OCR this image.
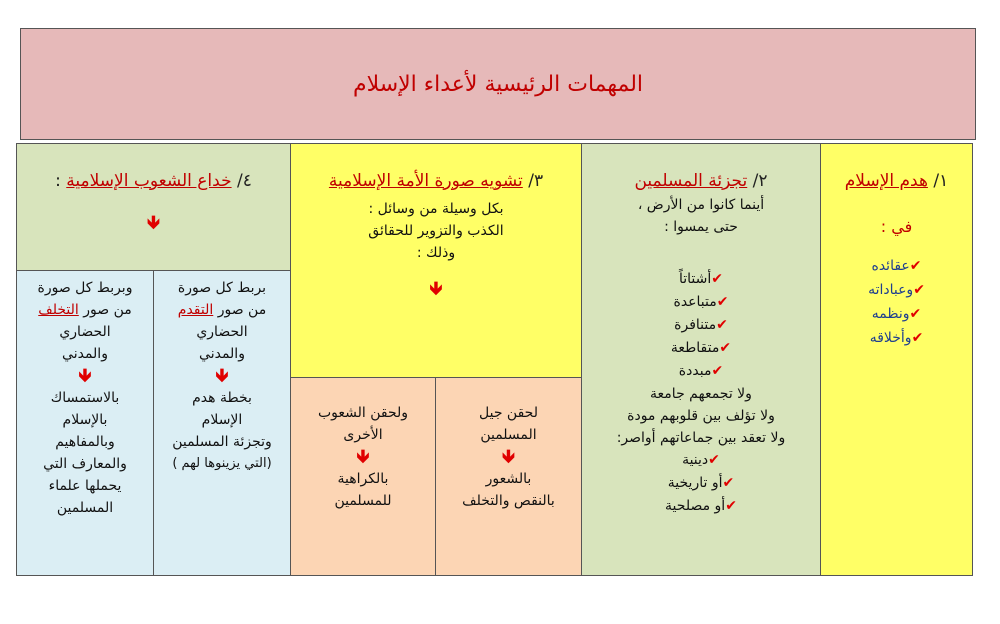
المهمات الرئيسية لأعداء الإسلام
١/ هدم الإسلام
في :
✔عقائده
✔وعباداته
✔ونظمه
✔وأخلاقه
٢/ تجزئة المسلمين
أينما كانوا من الأرض ،
حتى يمسوا :
✔أشتاتاً
✔متباعدة
✔متنافرة
✔متقاطعة
✔مبددة
ولا تجمعهم جامعة
ولا تؤلف بين قلوبهم مودة
ولا تعقد بين جماعاتهم أواصر:
✔دينية
✔أو تاريخية
✔أو مصلحية
٣/ تشويه صورة الأمة الإسلامية
بكل وسيلة من وسائل :
الكذب والتزوير للحقائق
وذلك :
🡻
لحقن جيل
المسلمين
🡻
بالشعور
بالنقص والتخلف
ولحقن الشعوب
الأخرى
🡻
بالكراهية
للمسلمين
٤/ خداع الشعوب الإسلامية :
🡻
بربط كل صورة
من صور التقدم
الحضاري
والمدني
🡻
بخطة هدم
الإسلام
وتجزئة المسلمين
(التي يزينوها لهم )
وبربط كل صورة
من صور التخلف
الحضاري
والمدني
🡻
بالاستمساك
بالإسلام
وبالمفاهيم
والمعارف التي
يحملها علماء
المسلمين
